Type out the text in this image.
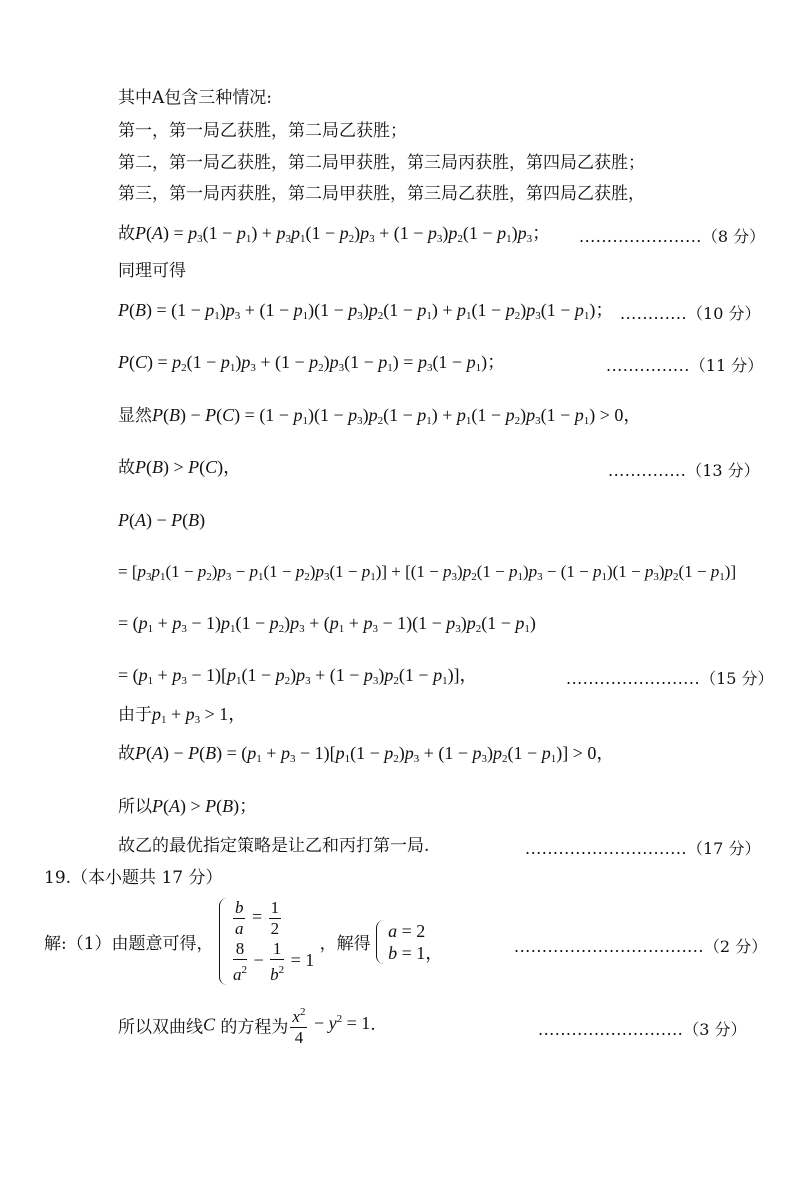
其中A包含三种情况:
第一，第一局乙获胜，第二局乙获胜；
第二，第一局乙获胜，第二局甲获胜，第三局丙获胜，第四局乙获胜；
第三，第一局丙获胜，第二局甲获胜，第三局乙获胜，第四局乙获胜，
故$P(A) = p_3(1 - p_1) + p_3p_1(1 - p_2)p_3 + (1 - p_3)p_2(1 - p_1)p_3$； ......................（8 分）
同理可得
$P(B) = (1 - p_1)p_3 + (1 - p_1)(1 - p_3)p_2(1 - p_1) + p_1(1 - p_2)p_3(1 - p_1)$； ............（10 分）
$P(C) = p_2(1 - p_1)p_3 + (1 - p_2)p_3(1 - p_1) = p_3(1 - p_1)$；	...............（11 分）
显然$P(B) - P(C) = (1 - p_1)(1 - p_3)p_2(1 - p_1) + p_1(1 - p_2)p_3(1 - p_1) > 0$，
故P(B) > P(C)，	..............（13 分）
P(A) − P(B)
= $[p_3p_1(1 - p_2)p_3 - p_1(1 - p_2)p_3(1 - p_1)] + [(1 - p_3)p_2(1 - p_1)p_3 - (1 - p_1)(1 - p_3)p_2(1 - p_1)]$
= $(p_1 + p_3 - 1)p_1(1 - p_2)p_3 + (p_1 + p_3 - 1)(1 - p_3)p_2(1 - p_1)$
= $(p_1 + p_3 - 1)[p_1(1 - p_2)p_3 + (1 - p_3)p_2(1 - p_1)]$，	........................（15 分）
由于$p_1 + p_3 > 1$，
故$P(A) - P(B) = (p_1 + p_3 - 1)[p_1(1 - p_2)p_3 + (1 - p_3)p_2(1 - p_1)] > 0$，
所以P(A) > P(B)；
故乙的最优指定策略是让乙和丙打第一局.	.............................（17 分）
19.（本小题共 17 分）
解:（1）由题意可得，
$\frac{b}{a} = \frac{1}{2}$
$\frac{8}{a^2} - \frac{1}{b^2} = 1$
，解得
a = 2
b = 1，	..................................（2 分）
所以双曲线C 的方程为 $\frac{x^2}{4} - y^2 = 1$.	..........................（3 分）
